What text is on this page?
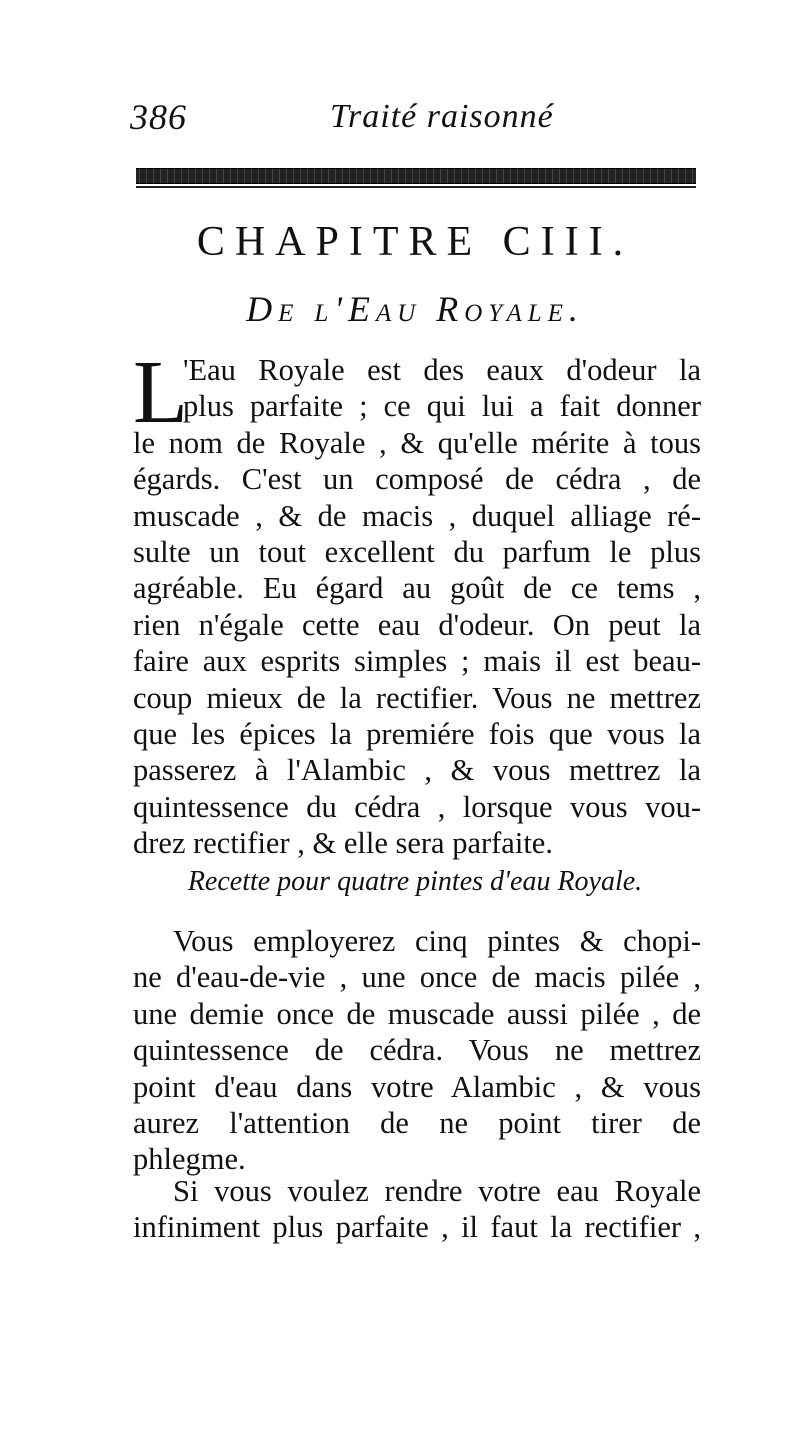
386	Traité raisonné
CHAPITRE CIII.
De l'Eau Royale.
L
'Eau Royale est des eaux d'odeur la
plus parfaite ; ce qui lui a fait donner
le nom de Royale , & qu'elle mérite à tous
égards. C'est un composé de cédra , de
muscade , & de macis , duquel alliage ré-
sulte un tout excellent du parfum le plus
agréable. Eu égard au goût de ce tems ,
rien n'égale cette eau d'odeur. On peut la
faire aux esprits simples ; mais il est beau-
coup mieux de la rectifier. Vous ne mettrez
que les épices la premiére fois que vous la
passerez à l'Alambic , & vous mettrez la
quintessence du cédra , lorsque vous vou-
drez rectifier , & elle sera parfaite.
Recette pour quatre pintes d'eau Royale.
Vous employerez cinq pintes & chopi-
ne d'eau-de-vie , une once de macis pilée ,
une demie once de muscade aussi pilée , de
quintessence de cédra. Vous ne mettrez
point d'eau dans votre Alambic , & vous
aurez l'attention de ne point tirer de
phlegme.
Si vous voulez rendre votre eau Royale
infiniment plus parfaite , il faut la rectifier ,
